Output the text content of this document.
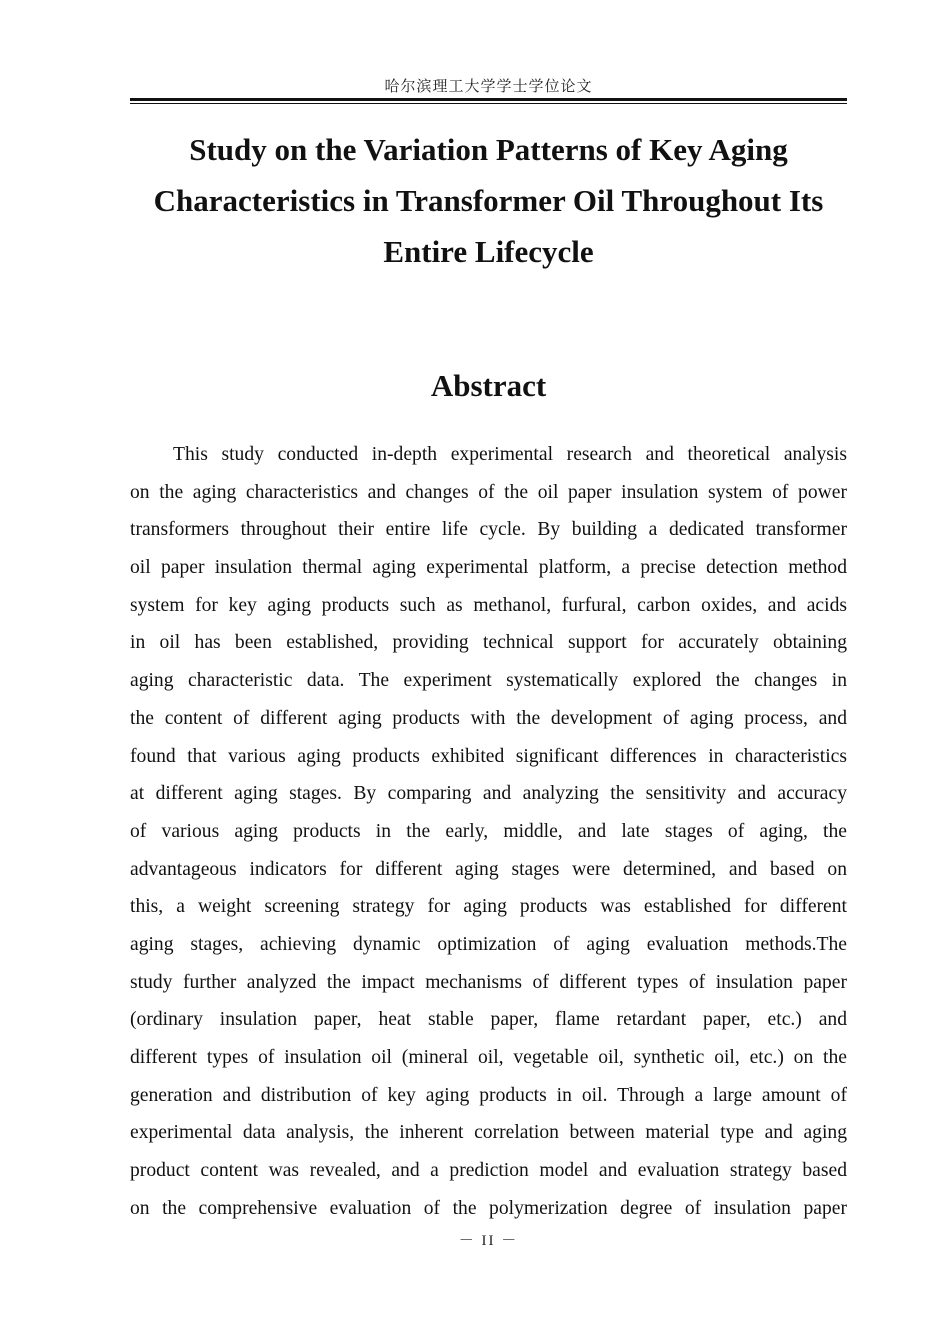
哈尔滨理工大学学士学位论文
Study on the Variation Patterns of Key Aging
Characteristics in Transformer Oil Throughout Its
Entire Lifecycle
Abstract
This study conducted in-depth experimental research and theoretical analysis
on the aging characteristics and changes of the oil paper insulation system of power
transformers throughout their entire life cycle. By building a dedicated transformer
oil paper insulation thermal aging experimental platform, a precise detection method
system for key aging products such as methanol, furfural, carbon oxides, and acids
in oil has been established, providing technical support for accurately obtaining
aging characteristic data. The experiment systematically explored the changes in
the content of different aging products with the development of aging process, and
found that various aging products exhibited significant differences in characteristics
at different aging stages. By comparing and analyzing the sensitivity and accuracy
of various aging products in the early, middle, and late stages of aging, the
advantageous indicators for different aging stages were determined, and based on
this, a weight screening strategy for aging products was established for different
aging stages, achieving dynamic optimization of aging evaluation methods.The
study further analyzed the impact mechanisms of different types of insulation paper
(ordinary insulation paper, heat stable paper, flame retardant paper, etc.) and
different types of insulation oil (mineral oil, vegetable oil, synthetic oil, etc.) on the
generation and distribution of key aging products in oil. Through a large amount of
experimental data analysis, the inherent correlation between material type and aging
product content was revealed, and a prediction model and evaluation strategy based
on the comprehensive evaluation of the polymerization degree of insulation paper
－ II －
